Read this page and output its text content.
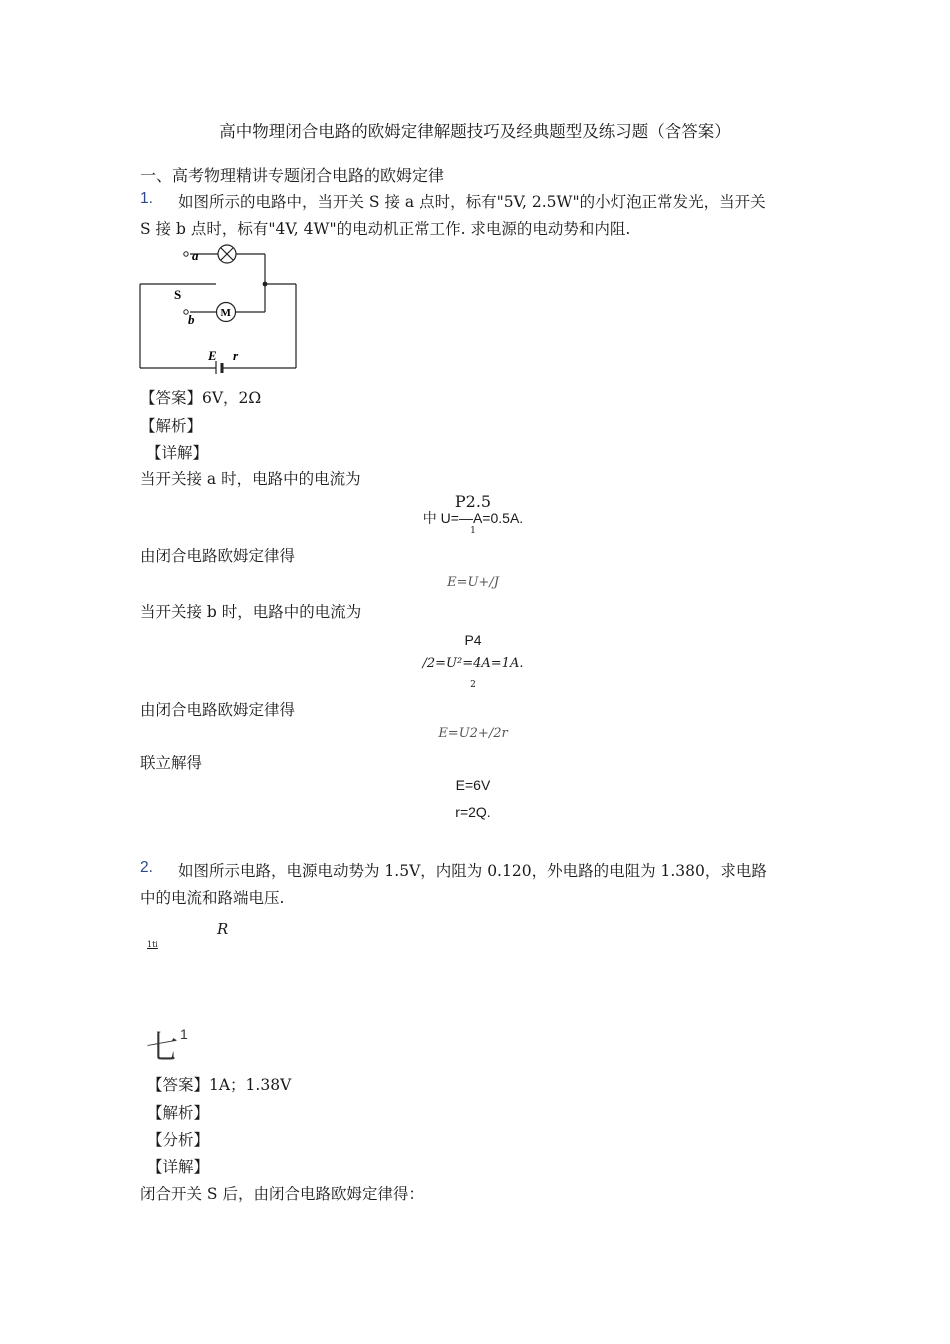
高中物理闭合电路的欧姆定律解题技巧及经典题型及练习题（含答案）
一、高考物理精讲专题闭合电路的欧姆定律
1. 如图所示的电路中，当开关 S 接 a 点时，标有"5V, 2.5W"的小灯泡正常发光，当开关
S 接 b 点时，标有"4V, 4W"的电动机正常工作. 求电源的电动势和内阻.
a
S
b M
E r
【答案】6V，2Ω
【解析】
【详解】
当开关接 a 时，电路中的电流为
P2.5
中 U=—A=0.5A.
1
由闭合电路欧姆定律得
E=U+/J
当开关接 b 时，电路中的电流为
P4
/2=U²=4A=1A.
2
由闭合电路欧姆定律得
E=U2+/2r
联立解得
E=6V
r=2Q.
2. 如图所示电路，电源电动势为 1.5V，内阻为 0.120，外电路的电阻为 1.380，求电路
中的电流和路端电压.
R
1ti
七 1
【答案】1A；1.38V
【解析】
【分析】
【详解】
闭合开关 S 后，由闭合电路欧姆定律得：
